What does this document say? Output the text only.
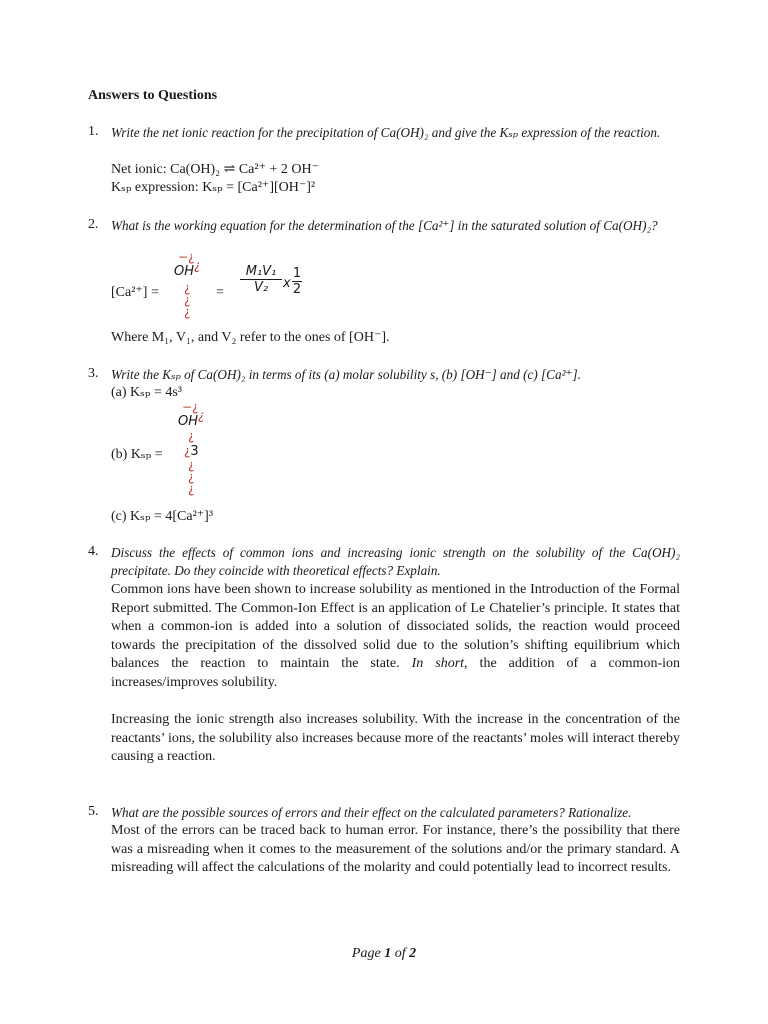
Answers to Questions
1. Write the net ionic reaction for the precipitation of Ca(OH)₂ and give the Kₛₚ expression of the reaction.
Net ionic: Ca(OH)₂ ⇌ Ca²⁺ + 2 OH⁻
Kₛₚ expression: Kₛₚ = [Ca²⁺][OH⁻]²
2. What is the working equation for the determination of the [Ca²⁺] in the saturated solution of Ca(OH)₂?
[Ca²⁺] =
−¿
OH¿
¿
¿
¿
= $\frac{\text{M₁V₁}}{\text{V₂}}$ x $\frac{1}{2}$
Where M₁, V₁, and V₂ refer to the ones of [OH⁻].
3. Write the Kₛₚ of Ca(OH)₂ in terms of its (a) molar solubility s, (b) [OH⁻] and (c) [Ca²⁺].
(a) Kₛₚ = 4s³
−¿
OH¿
¿
(b) Kₛₚ = ¿3
¿
¿
¿
(c) Kₛₚ = 4[Ca²⁺]³
4. Discuss the effects of common ions and increasing ionic strength on the solubility of the Ca(OH)₂ precipitate. Do they coincide with theoretical effects? Explain.
Common ions have been shown to increase solubility as mentioned in the Introduction of the Formal Report submitted. The Common-Ion Effect is an application of Le Chatelier’s principle. It states that when a common-ion is added into a solution of dissociated solids, the reaction would proceed towards the precipitation of the dissolved solid due to the solution’s shifting equilibrium which balances the reaction to maintain the state. In short, the addition of a common-ion increases/improves solubility.
Increasing the ionic strength also increases solubility. With the increase in the concentration of the reactants’ ions, the solubility also increases because more of the reactants’ moles will interact thereby causing a reaction.
5. What are the possible sources of errors and their effect on the calculated parameters? Rationalize.
Most of the errors can be traced back to human error. For instance, there’s the possibility that there was a misreading when it comes to the measurement of the solutions and/or the primary standard. A misreading will affect the calculations of the molarity and could potentially lead to incorrect results.
Page 1 of 2
